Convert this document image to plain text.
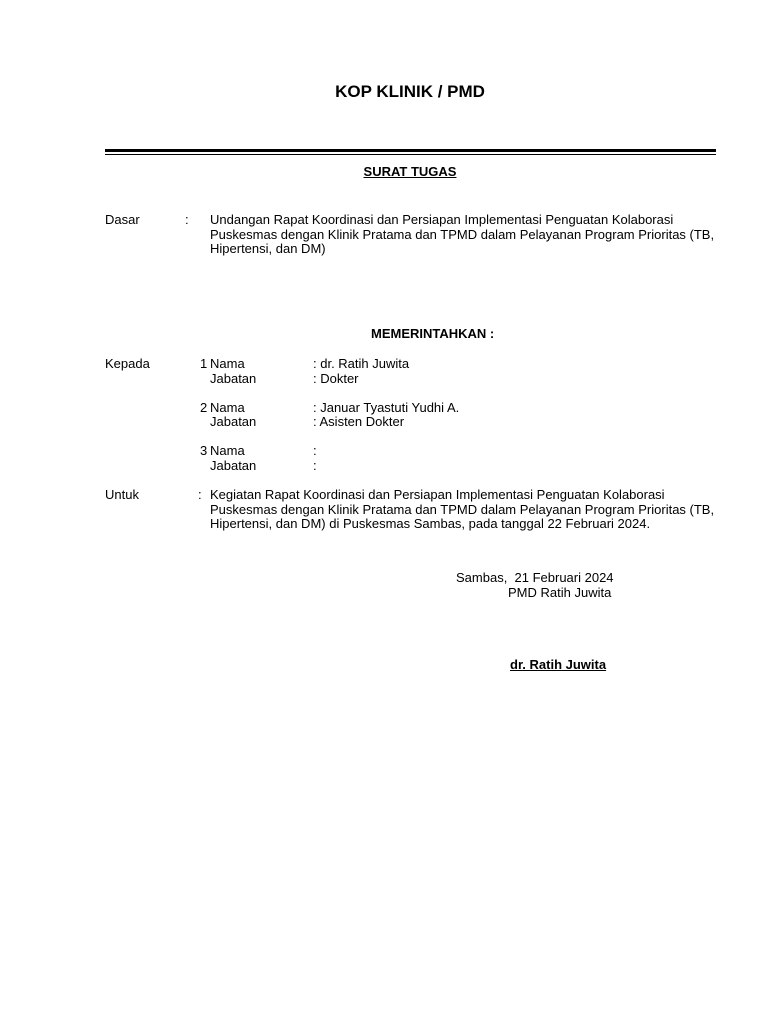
KOP KLINIK / PMD
SURAT TUGAS
Dasar	: Undangan Rapat Koordinasi dan Persiapan Implementasi Penguatan Kolaborasi Puskesmas dengan Klinik Pratama dan TPMD dalam Pelayanan Program Prioritas (TB, Hipertensi, dan DM)
MEMERINTAHKAN :
Kepada	1 Nama	: dr. Ratih Juwita
Jabatan	: Dokter
2 Nama	: Januar Tyastuti Yudhi A.
Jabatan	: Asisten Dokter
3 Nama	:
Jabatan	:
Untuk	: Kegiatan Rapat Koordinasi dan Persiapan Implementasi Penguatan Kolaborasi Puskesmas dengan Klinik Pratama dan TPMD dalam Pelayanan Program Prioritas (TB, Hipertensi, dan DM) di Puskesmas Sambas, pada tanggal 22 Februari 2024.
Sambas,  21 Februari 2024
PMD Ratih Juwita
dr. Ratih Juwita
